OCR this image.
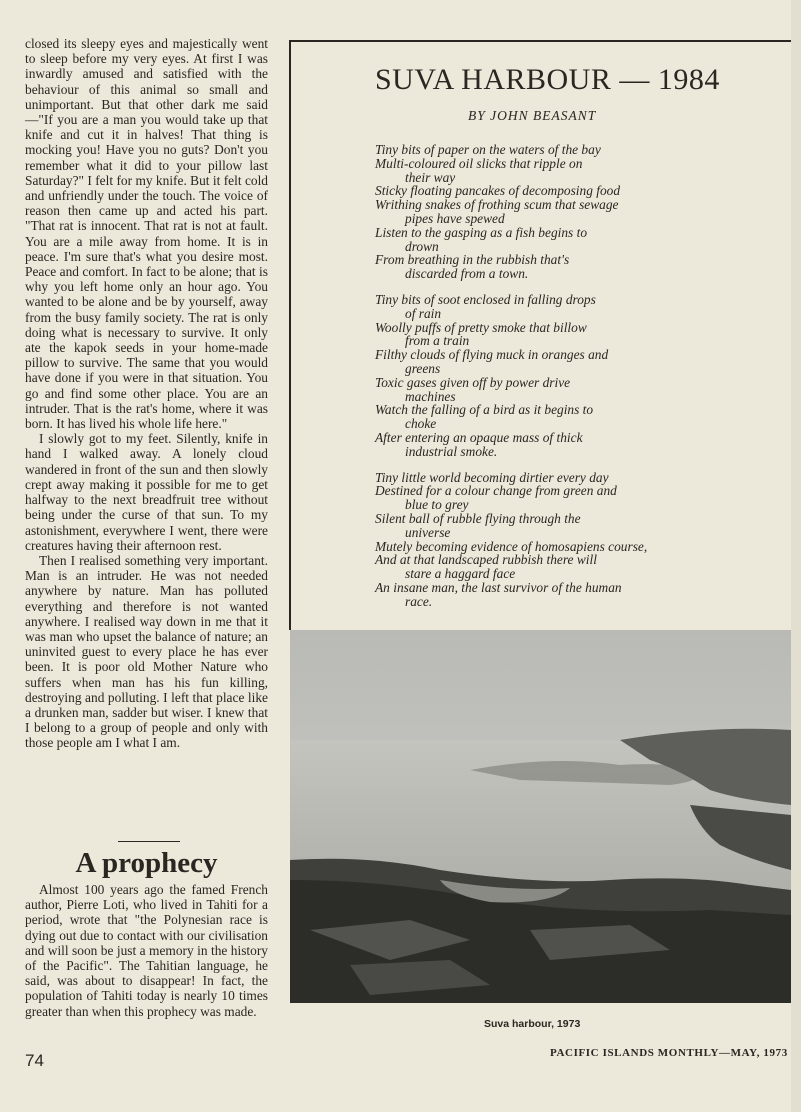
closed its sleepy eyes and majestically went to sleep before my very eyes. At first I was inwardly amused and satisfied with the behaviour of this animal so small and unimportant. But that other dark me said—"If you are a man you would take up that knife and cut it in halves! That thing is mocking you! Have you no guts? Don't you remember what it did to your pillow last Saturday?" I felt for my knife. But it felt cold and unfriendly under the touch. The voice of reason then came up and acted his part. "That rat is innocent. That rat is not at fault. You are a mile away from home. It is in peace. I'm sure that's what you desire most. Peace and comfort. In fact to be alone; that is why you left home only an hour ago. You wanted to be alone and be by yourself, away from the busy family society. The rat is only doing what is necessary to survive. It only ate the kapok seeds in your home-made pillow to survive. The same that you would have done if you were in that situation. You go and find some other place. You are an intruder. That is the rat's home, where it was born. It has lived his whole life here."

I slowly got to my feet. Silently, knife in hand I walked away. A lonely cloud wandered in front of the sun and then slowly crept away making it possible for me to get halfway to the next breadfruit tree without being under the curse of that sun. To my astonishment, everywhere I went, there were creatures having their afternoon rest.

Then I realised something very important. Man is an intruder. He was not needed anywhere by nature. Man has polluted everything and therefore is not wanted anywhere. I realised way down in me that it was man who upset the balance of nature; an uninvited guest to every place he has ever been. It is poor old Mother Nature who suffers when man has his fun killing, destroying and polluting. I left that place like a drunken man, sadder but wiser. I knew that I belong to a group of people and only with those people am I what I am.

A prophecy
Almost 100 years ago the famed French author, Pierre Loti, who lived in Tahiti for a period, wrote that "the Polynesian race is dying out due to contact with our civilisation and will soon be just a memory in the history of the Pacific". The Tahitian language, he said, was about to disappear! In fact, the population of Tahiti today is nearly 10 times greater than when this prophecy was made.
74
SUVA HARBOUR — 1984
BY JOHN BEASANT
Tiny bits of paper on the waters of the bay
Multi-coloured oil slicks that ripple on
their way
Sticky floating pancakes of decomposing food
Writhing snakes of frothing scum that sewage
pipes have spewed
Listen to the gasping as a fish begins to
drown
From breathing in the rubbish that's
discarded from a town.
Tiny bits of soot enclosed in falling drops
of rain
Woolly puffs of pretty smoke that billow
from a train
Filthy clouds of flying muck in oranges and
greens
Toxic gases given off by power drive
machines
Watch the falling of a bird as it begins to
choke
After entering an opaque mass of thick
industrial smoke.
Tiny little world becoming dirtier every day
Destined for a colour change from green and
blue to grey
Silent ball of rubble flying through the
universe
Mutely becoming evidence of homosapiens course,
And at that landscaped rubbish there will
stare a haggard face
An insane man, the last survivor of the human
race.
Suva harbour, 1973
PACIFIC ISLANDS MONTHLY—MAY, 1973
